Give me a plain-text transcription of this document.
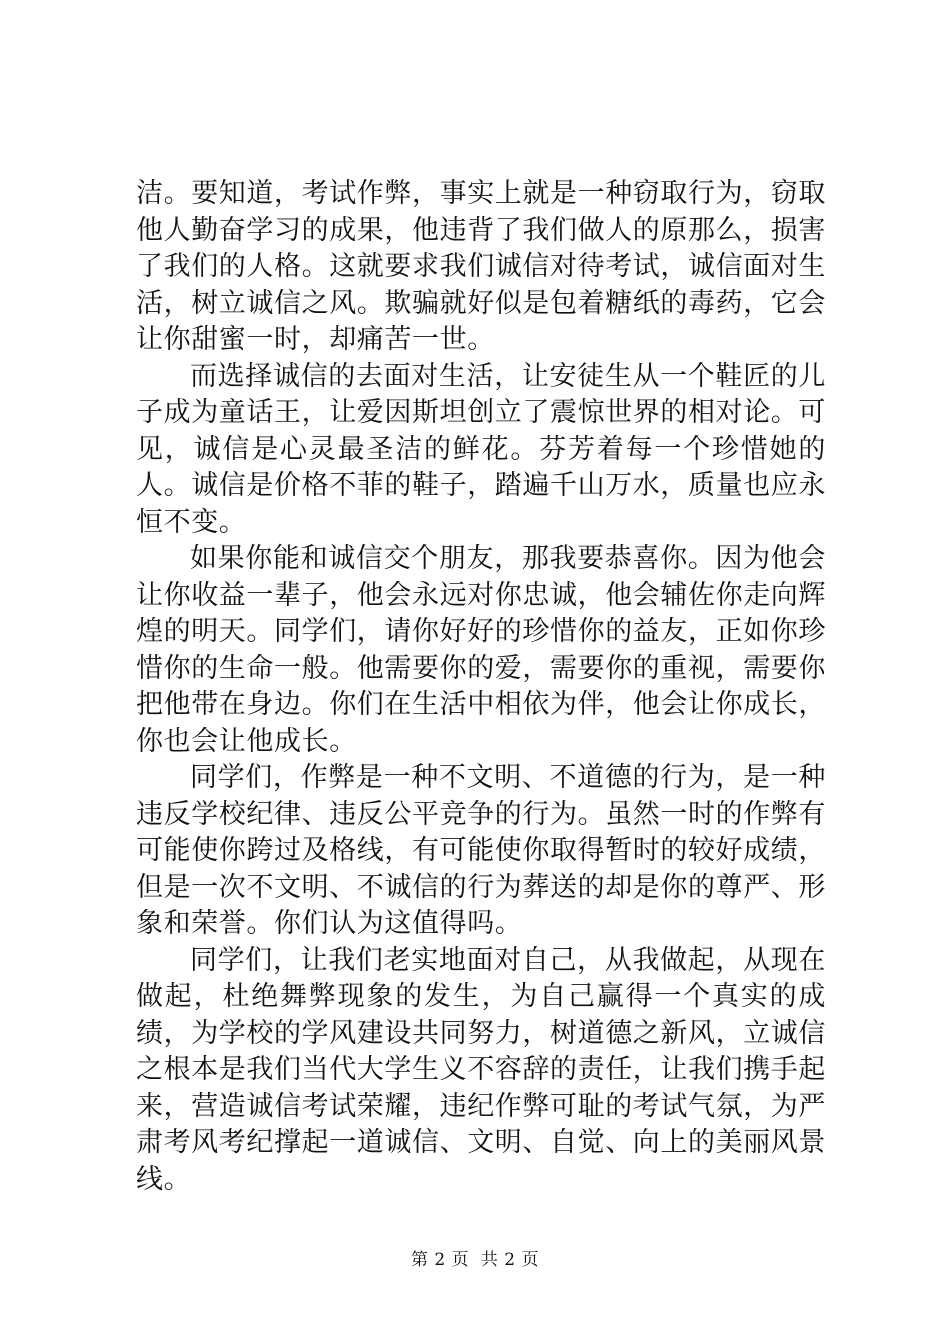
洁。要知道，考试作弊，事实上就是一种窃取行为，窃取他人勤奋学习的成果，他违背了我们做人的原那么，损害了我们的人格。这就要求我们诚信对待考试，诚信面对生活，树立诚信之风。欺骗就好似是包着糖纸的毒药，它会让你甜蜜一时，却痛苦一世。

而选择诚信的去面对生活，让安徒生从一个鞋匠的儿子成为童话王，让爱因斯坦创立了震惊世界的相对论。可见，诚信是心灵最圣洁的鲜花。芬芳着每一个珍惜她的人。诚信是价格不菲的鞋子，踏遍千山万水，质量也应永恒不变。

如果你能和诚信交个朋友，那我要恭喜你。因为他会让你收益一辈子，他会永远对你忠诚，他会辅佐你走向辉煌的明天。同学们，请你好好的珍惜你的益友，正如你珍惜你的生命一般。他需要你的爱，需要你的重视，需要你把他带在身边。你们在生活中相依为伴，他会让你成长，你也会让他成长。

同学们，作弊是一种不文明、不道德的行为，是一种违反学校纪律、违反公平竞争的行为。虽然一时的作弊有可能使你跨过及格线，有可能使你取得暂时的较好成绩，但是一次不文明、不诚信的行为葬送的却是你的尊严、形象和荣誉。你们认为这值得吗。

同学们，让我们老实地面对自己，从我做起，从现在做起，杜绝舞弊现象的发生，为自己赢得一个真实的成绩，为学校的学风建设共同努力，树道德之新风，立诚信之根本是我们当代大学生义不容辞的责任，让我们携手起来，营造诚信考试荣耀，违纪作弊可耻的考试气氛，为严肃考风考纪撑起一道诚信、文明、自觉、向上的美丽风景线。

第 2 页  共 2 页
